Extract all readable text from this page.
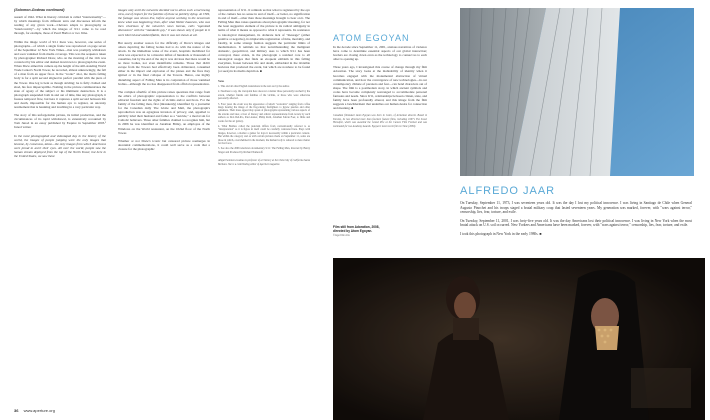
(Solomon-Godeau continued)

assault of 1942. What in literary criticism is called "intertextuality"—by which meanings from different texts and discourses inform the reading of any given work—Chéroux adapts to photography as "intericonicity"—by which the images of 9/11 come to be read through, for example, those of Pearl Harbor or two Jima.

Within the image world of 9/11 there was, however, one series of photographs—of which a single frame was reproduced on page seven of the September 12 New York Times—that was promptly withdrawn and soon vanished from media coverage. This was the sequence taken by photographer Richard Drew, who on the morning of the 11th was contacted by his editor and dashed downtown to photograph the event. When Drew aimed his camera up the height of the still-standing World Trade Center's North Tower, he recorded, almost unknowingly, the fall of a man from an upper floor. In the "iconic" shot, the man's falling body is for a split second aligned in perfect parallel with the piers of the Tower. One leg is bent as though striding; he is fully clothed and shod, his face imperceptible. Nothing in the picture communicates the state of agony of the subject or his imminent destruction. It is a photograph suspended both in and out of time, like any photograph, it freezes temporal flow, but here it captures a split second between life and death, impossible for the human eye to register, an uncanny nonmoment that is haunting and troubling in a very particular way.

The story of this unforgettable picture, its initial production, and the circumstances of its rapid withdrawal, is extensively recounted by Tom Junod in an essay published by Esquire in September 2003.¹ Junod writes:

In the most photographed and videotaped day in the history of the world, the images of people jumping were the only images that became, by consensus, taboo—the only images from which Americans were proud to avert their eyes. All over the world, people saw the human stream deployed from the top of the North Tower, but here in the United States, we saw these

images only until the networks decided not to allow such a harrowing view, out of respect for the families of those so publicly dying. At CNN, the footage was shown live, before anyone working in the newsroom knew what was happening; then, after what Walter Isaacson, who was then chairman of the network's news bureau, calls "agonized discussion" with the "standards guy," it was shown only if people in it were blurred and unidentifiable, then it was not shown at all.

But surely another reason for the difficulty of Drew's images and others depicting the falling bodies had to do with the nature of the attack. In the immediate wake of the event, hospitals mobilized for what was expected to be a massive influx of hundreds or thousands of casualties, but by the end of the day it was obvious that there would be no more bodies, nor even identifiable remains. Those that didn't escape from the Towers had effectively been obliterated, consumed either in the impact and explosion of the planes and the fires they ignited or in the final collapse of the Towers. Hence, one highly disturbing aspect of Falling Man is its conjuration of those vanished bodies—although the too has disappeared from official representation.

The complex afterlife of this picture raises questions that range from the ethics of photographic representation to the conflicts between editorial freedom and the rights of victims and/or survivors. For the family of the falling man, first (mistakenly) identified by a journalist for the Canadian daily The Globe and Mail, the photograph's reproduction was an egregious invasion of privacy, and, appalled to publicly label their husband and father as a "suicide," a mortal sin for Catholic believers. Three other families claimed to recognize him, but in 2006 he was identified as Jonathan Briley, an employee of the Windows on the World restaurant, on the 102nd floor of the North Tower.

Whether or not Drew's iconic but censored picture reemerges in decennial commemorations, it could well serve as a coda that a closure for the photographic

representation of 9/11. It reminds us that what is registered by the eye of the camera has no sense in and of itself—or better, no signification in and of itself—other than those meanings brought to bear on it. The Falling Man thus raises questions about photographic meaning, for not the least suggestive element of the picture is its radical ambiguity in terms of what it means as opposed to what it represents. Its resistance to ideological management, its obdurate lack of "message" (either positive or negative), its implacable registration of time, mortality, and fatality, in some strange fashion suggests the particular limits of mediatization. It reminds us that notwithstanding the malignant domestic, geopolitical, and military uses to which 9/11 has been conveyed, there exists, in the photograph a residual core to all ideological usages that finds an eloquent emblem in this falling everyman, frozen between life and death, embedded in the invisible horizons that produced the event, but which are nowhere to be found (or seen) in its media depiction. ■

Notes
1. This and all other English translations in the text are by the author.
2. Needless to say, the viewpoint here does not consider those personally touched by the attack, whether friends and families of the victims, or those who were otherwise personally affected.
3. Four years the event was the appearance of kitsch "souvenirs" ranging from coffee mugs bearing the image of the flag-raising firefighters to jigsaw puzzles and other ephemera. Their mass appeal may speak of photographs representing various aspects of the attacks and later, a host of literary and artistic representations from novels by such authors as Don DeLillo, Paul Auster, Philip Roth, Jonathan Safran Foer, to films and works for the art gallery.
4. What Barthes called the punctum differs from conventionally referred to as "interpretation" as it is figure in itself could be carefully contrasted here. Plays with images, however, a mother a gamer for days it necessarily within a particular context. But within the category and as with certain pictures made on September 11, some are those in which, overwhelmed in the moment, the human body is reduced to mere matter for that force.
5. See also the 2006 television documentary 9/11: The Falling Man, directed by Henry Singer and Produced by Richard Numeroff.
Abigail Solomon-Godeau is professor of art history at the University of California Santa Barbara. She is a contributing editor of Aperture magazine.
ATOM EGOYAN

In the decade since September 11, 2001, anxious narratives of violence have come to determine essential aspects of our global interaction; borders are closing down even as the technology to connect us to each other is opening up.

Three years ago, I investigated this course of change through my film Adoration. The story looks at the malleability of identity when it becomes engaged with the monumental abstraction of virtual communication, and how the convergence of new technologies—in our contemporary climate of paranoia and fear—can bend characters out of shape. The film is a postmodern story, in which ancient symbols and codes have become completely rearranged to accommodate personal fantasies and needs. Since 9/11, relationships between citizen, state, and family have been profoundly altered, and this image from the film suggests a bewilderment that underlies our human desire for connection and meaning. ■

Canadian filmmaker Atom Egoyan was born in Cairo, of Armenian descent. Based in Toronto, he has directed more than fourteen feature films, including 1997's The Sweet Hereafter, which was awarded the Grand Prix at the Cannes Film Festival and was nominated for two Academy Awards. Egoyan's most recent film is Chloe (2009).

Film still from Adoration, 2008, directed by Atom Egoyan.
© Ego Film Arts
ALFREDO JAAR

On Tuesday, September 11, 1973, I was seventeen years old. It was the day I lost my political innocence. I was living in Santiago de Chile when General Augusto Pinochet and his troops staged a brutal military coup that lasted seventeen years. My generation was marked, forever, with "wars against terror," censorship, lies, fear, torture, and exile.

On Tuesday, September 11, 2001, I was forty-five years old. It was the day Americans lost their political innocence. I was living in New York when the most brutal attack on U.S. soil occurred. New Yorkers and Americans have been marked, forever, with "wars against terror," censorship, lies, fear, torture, and exile.

I took this photograph in New York in the early 1980s. ■

36 www.aperture.org
